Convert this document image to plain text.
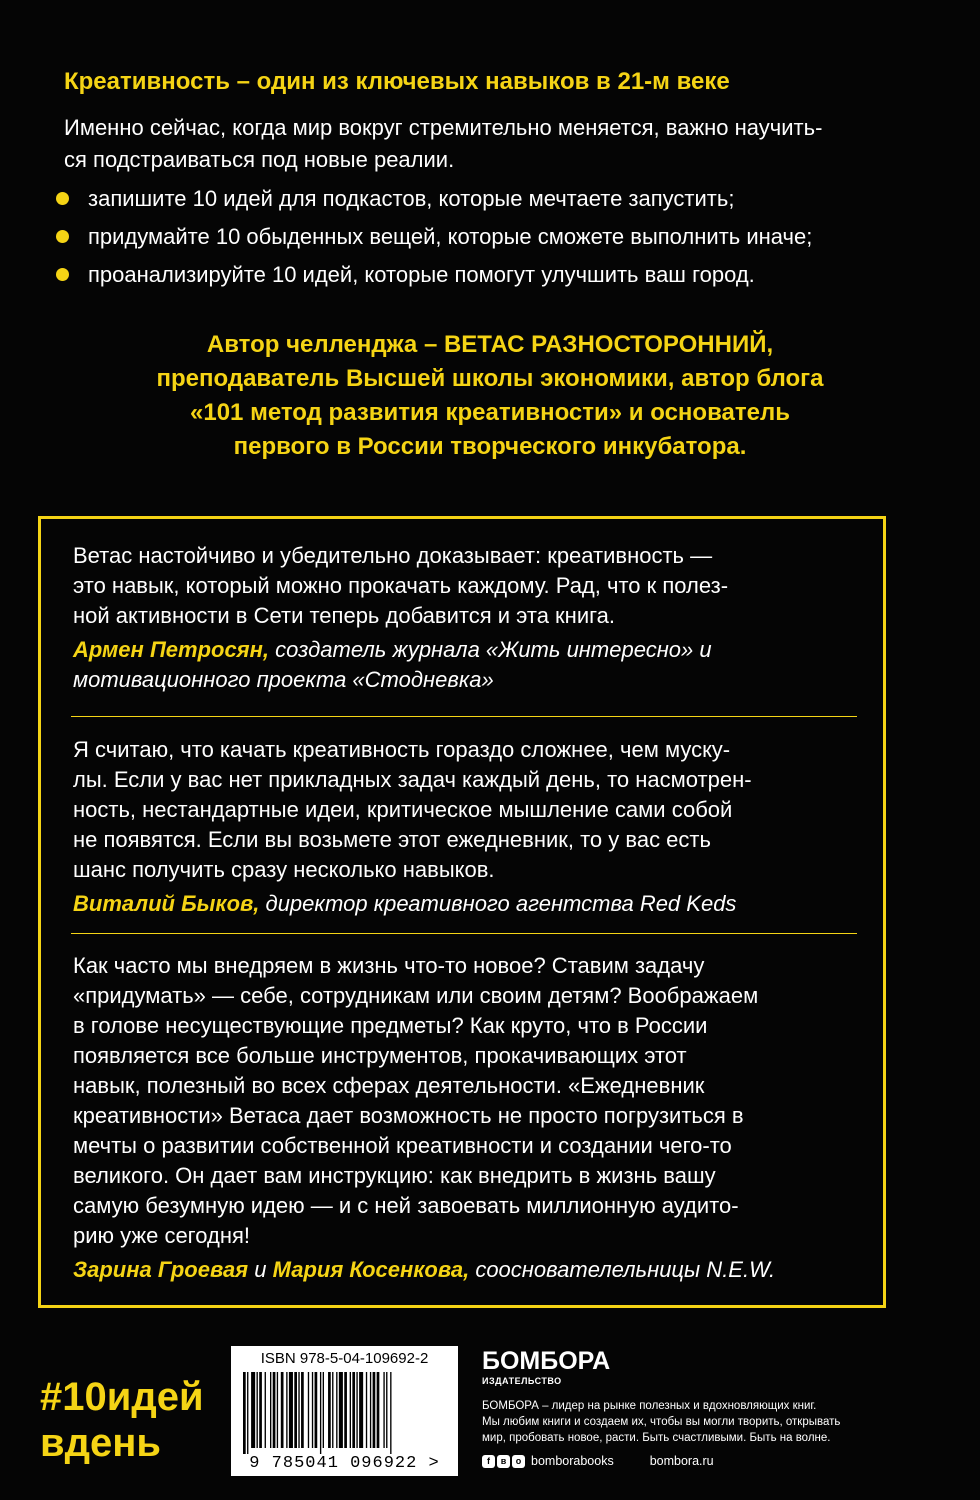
Креативность – один из ключевых навыков в 21-м веке

Именно сейчас, когда мир вокруг стремительно меняется, важно научить-

ся подстраиваться под новые реалии.

запишите 10 идей для подкастов, которые мечтаете запустить;
придумайте 10 обыденных вещей, которые сможете выполнить иначе;
проанализируйте 10 идей, которые помогут улучшить ваш город.
Автор челленджа – ВЕТАС РАЗНОСТОРОННИЙ,
преподаватель Высшей школы экономики, автор блога
«101 метод развития креативности» и основатель
первого в России творческого инкубатора.

Ветас настойчиво и убедительно доказывает: креативность —
это навык, который можно прокачать каждому. Рад, что к полез-
ной активности в Сети теперь добавится и эта книга.

Армен Петросян, создатель журнала «Жить интересно» и
мотивационного проекта «Стодневка»

Я считаю, что качать креативность гораздо сложнее, чем мускy-
лы. Если у вас нет прикладных задач каждый день, то насмотрен-
ность, нестандартные идеи, критическое мышление сами собой
не появятся. Если вы возьмете этот ежедневник, то у вас есть
шанс получить сразу несколько навыков.

Виталий Быков, директор креативного агентства Red Keds

Как часто мы внедряем в жизнь что-то новое? Ставим задачу
«придумать» — себе, сотрудникам или своим детям? Воображаем
в голове несуществующие предметы? Как круто, что в России
появляется все больше инструментов, прокачивающих этот
навык, полезный во всех сферах деятельности. «Ежедневник
креативности» Ветаса дает возможность не просто погрузиться в
мечты о развитии собственной креативности и создании чего-то
великого. Он дает вам инструкцию: как внедрить в жизнь вашу
самую безумную идею — и с ней завоевать миллионную аудито-
рию уже сегодня!

Зарина Гроевая и Мария Косенкова, сооснователельницы N.E.W.

#10идей
вдень
ISBN 978-5-04-109692-2
9 785041 096922 >
БОМБОРА
ИЗДАТЕЛЬСТВО
БОМБОРА – лидер на рынке полезных и вдохновляющих книг.
Мы любим книги и создаем их, чтобы вы могли творить, открывать
мир, пробовать новое, расти. Быть счастливыми. Быть на волне.
f	в	о bomborabooks	bombora.ru
